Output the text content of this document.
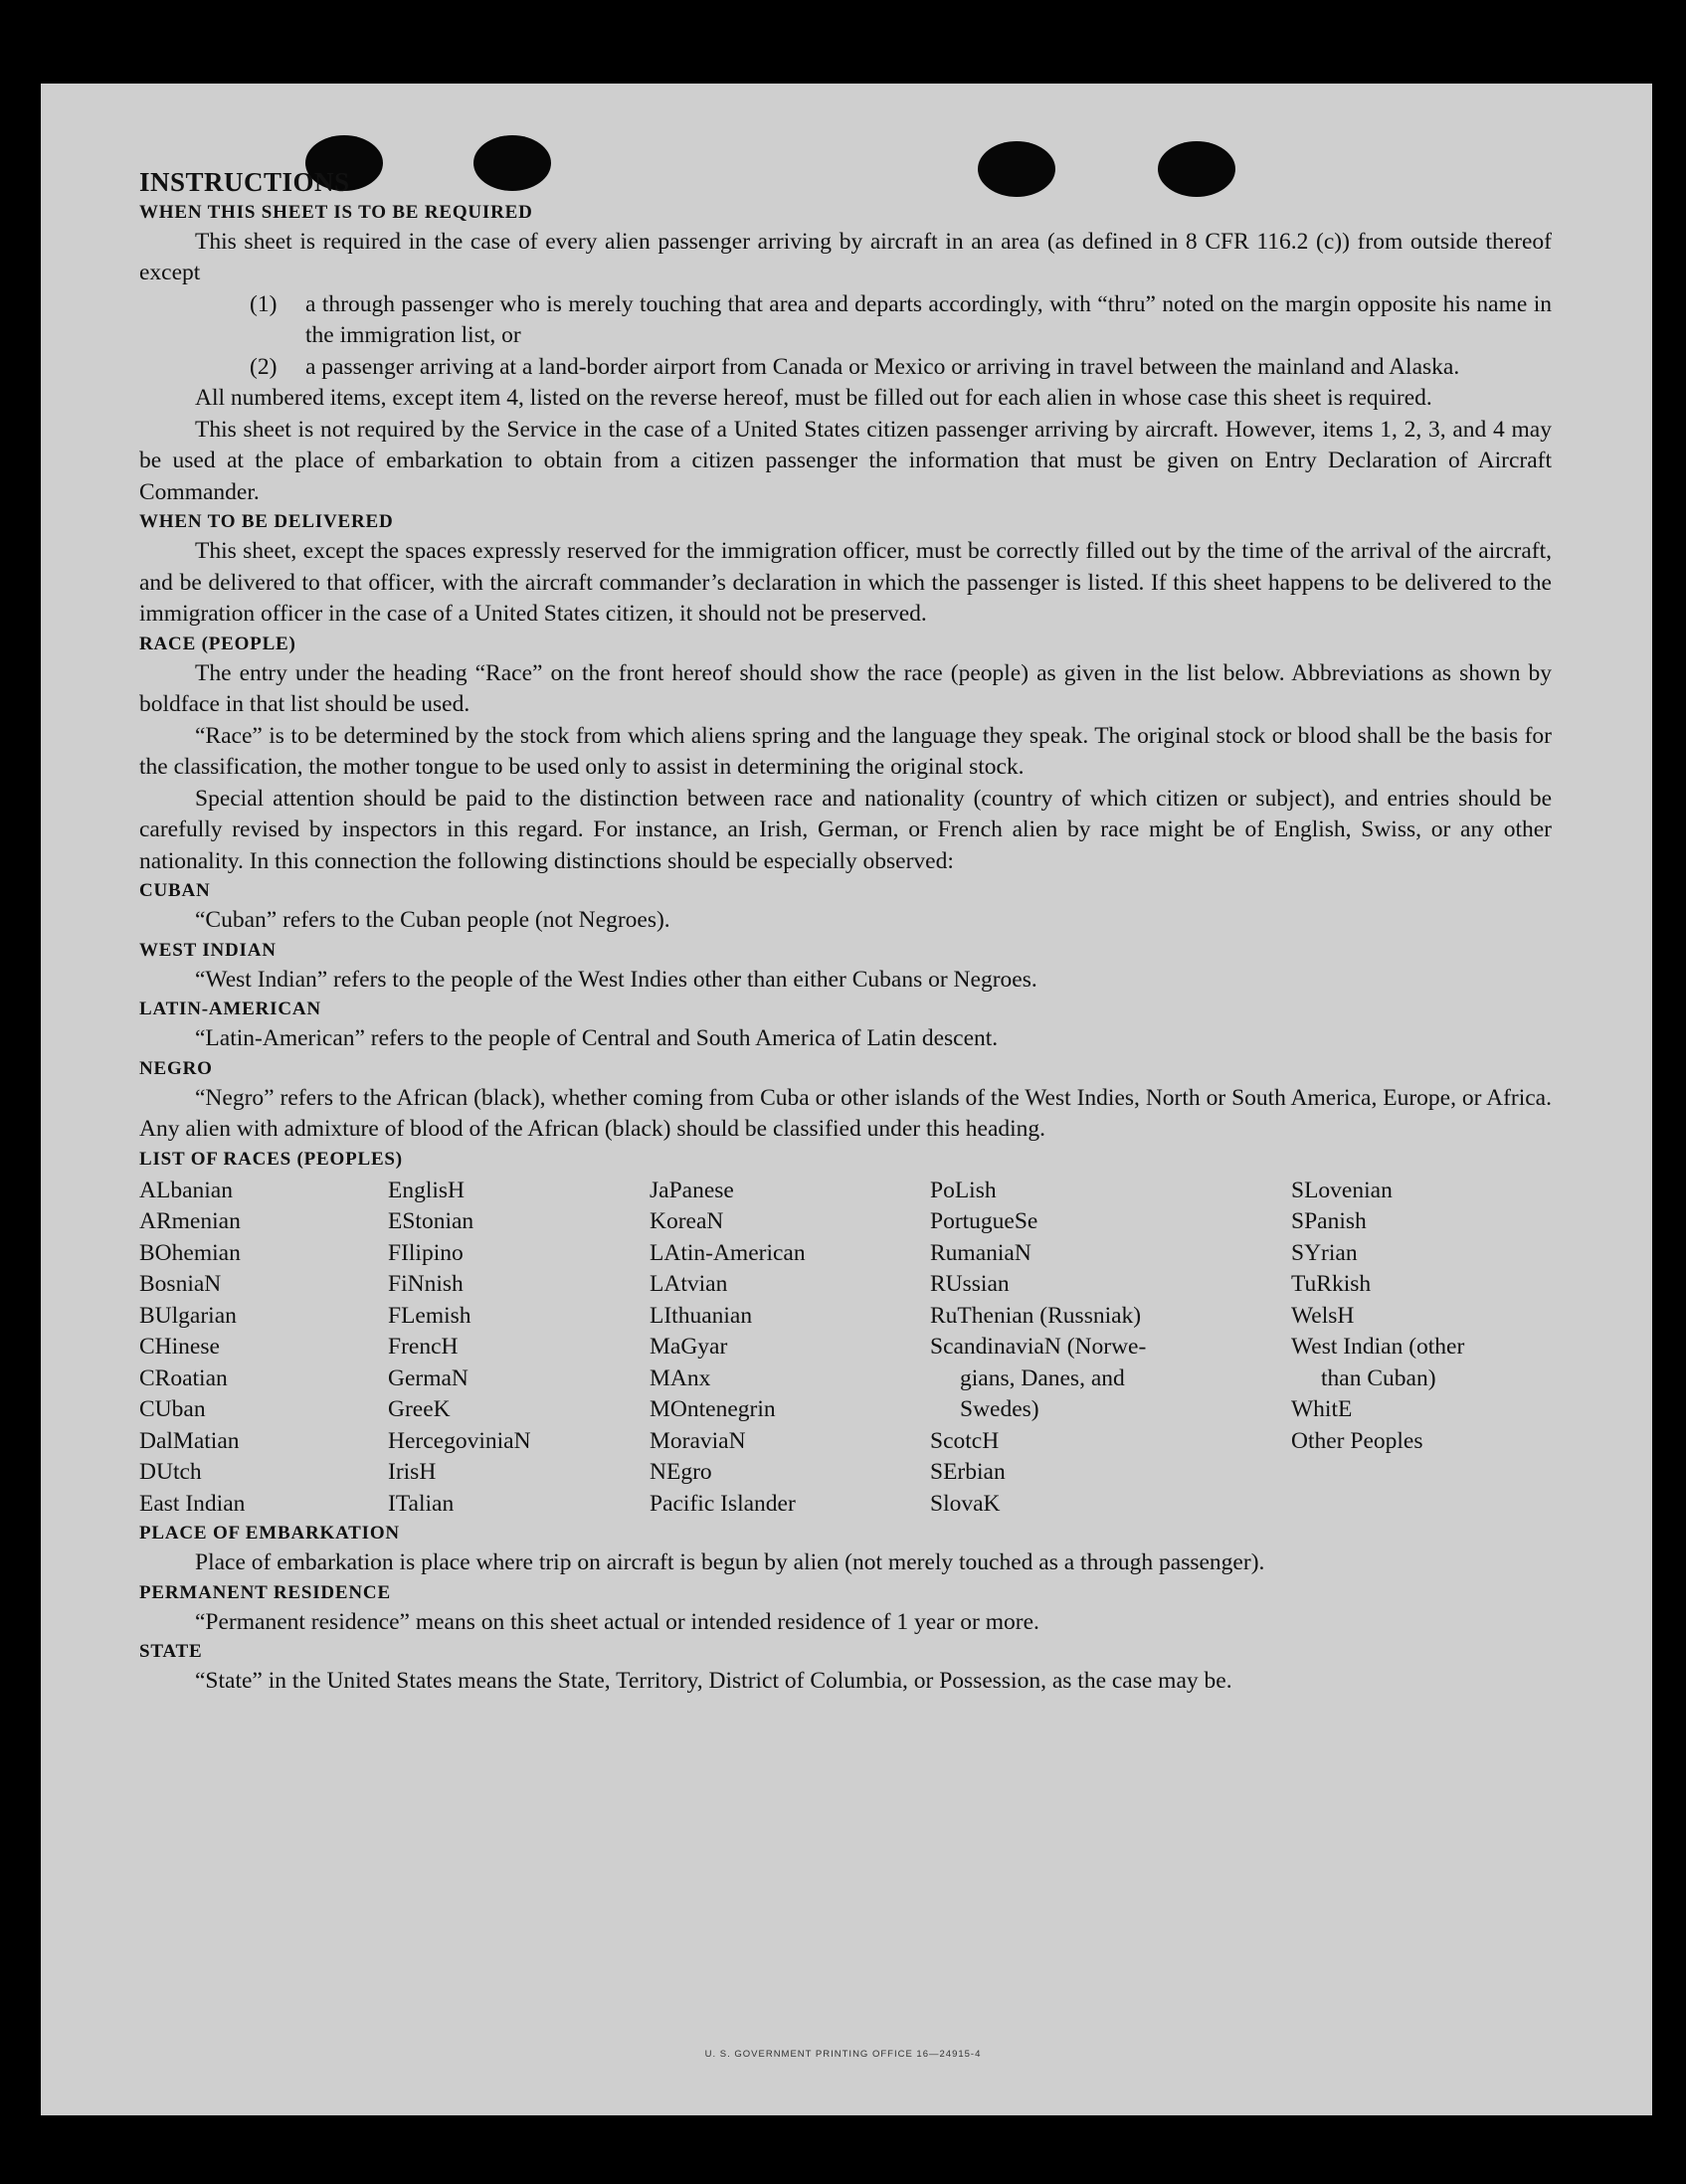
INSTRUCTIONS

WHEN THIS SHEET IS TO BE REQUIRED

This sheet is required in the case of every alien passenger arriving by aircraft in an area (as defined in 8 CFR 116.2 (c)) from outside thereof except

(1)	a through passenger who is merely touching that area and departs accordingly, with “thru” noted on the margin opposite his name in the immigration list, or
(2)	a passenger arriving at a land-border airport from Canada or Mexico or arriving in travel between the mainland and Alaska.

All numbered items, except item 4, listed on the reverse hereof, must be filled out for each alien in whose case this sheet is required.

This sheet is not required by the Service in the case of a United States citizen passenger arriving by aircraft. However, items 1, 2, 3, and 4 may be used at the place of embarkation to obtain from a citizen passenger the information that must be given on Entry Declaration of Aircraft Commander.

WHEN TO BE DELIVERED

This sheet, except the spaces expressly reserved for the immigration officer, must be correctly filled out by the time of the arrival of the aircraft, and be delivered to that officer, with the aircraft commander’s declaration in which the passenger is listed. If this sheet happens to be delivered to the immigration officer in the case of a United States citizen, it should not be preserved.

RACE (PEOPLE)

The entry under the heading “Race” on the front hereof should show the race (people) as given in the list below. Abbreviations as shown by boldface in that list should be used.

“Race” is to be determined by the stock from which aliens spring and the language they speak. The original stock or blood shall be the basis for the classification, the mother tongue to be used only to assist in determining the original stock.

Special attention should be paid to the distinction between race and nationality (country of which citizen or subject), and entries should be carefully revised by inspectors in this regard. For instance, an Irish, German, or French alien by race might be of English, Swiss, or any other nationality. In this connection the following distinctions should be especially observed:

CUBAN

“Cuban” refers to the Cuban people (not Negroes).

WEST INDIAN

“West Indian” refers to the people of the West Indies other than either Cubans or Negroes.

LATIN-AMERICAN

“Latin-American” refers to the people of Central and South America of Latin descent.

NEGRO

“Negro” refers to the African (black), whether coming from Cuba or other islands of the West Indies, North or South America, Europe, or Africa. Any alien with admixture of blood of the African (black) should be classified under this heading.

LIST OF RACES (PEOPLES)

ALbanian
ARmenian
BOhemian
BosniaN
BUlgarian
CHinese
CRoatian
CUban
DalMatian
DUtch
East Indian
EnglisH
EStonian
FIlipino
FiNnish
FLemish
FrencH
GermaN
GreeK
HercegoviniaN
IrisH
ITalian
JaPanese
KoreaN
LAtin-American
LAtvian
LIthuanian
MaGyar
MAnx
MOntenegrin
MoraviaN
NEgro
Pacific Islander
PoLish
PortugueSe
RumaniaN
RUssian
RuThenian (Russniak)
ScandinaviaN (Norwe-
gians, Danes, and
Swedes)
ScotcH
SErbian
SlovaK
SLovenian
SPanish
SYrian
TuRkish
WelsH
West Indian (other
than Cuban)
WhitE
Other Peoples

PLACE OF EMBARKATION

Place of embarkation is place where trip on aircraft is begun by alien (not merely touched as a through passenger).

PERMANENT RESIDENCE

“Permanent residence” means on this sheet actual or intended residence of 1 year or more.

STATE

“State” in the United States means the State, Territory, District of Columbia, or Possession, as the case may be.

U. S. GOVERNMENT PRINTING OFFICE 16—24915-4
